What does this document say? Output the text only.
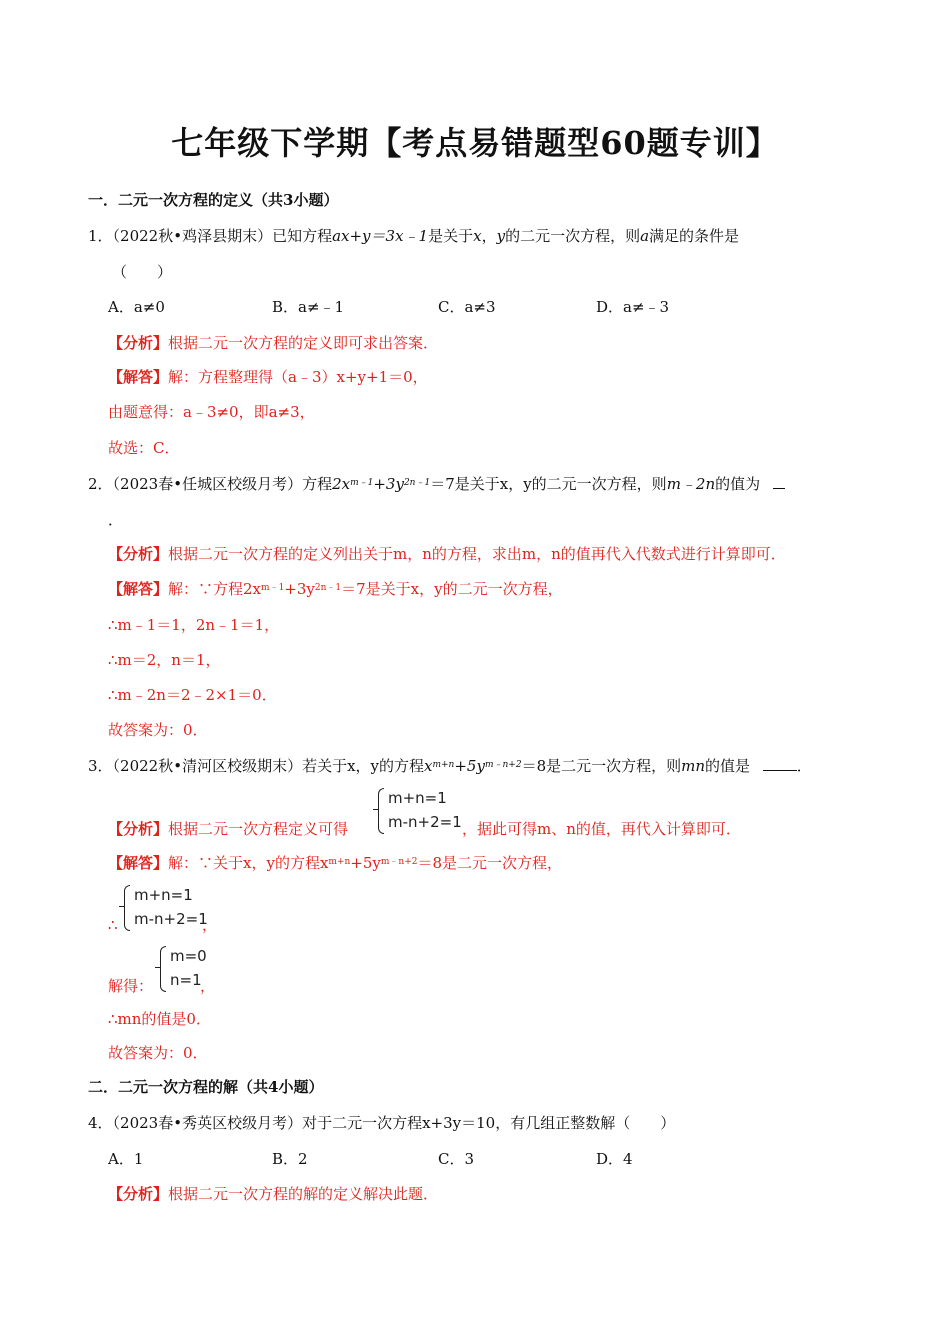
七年级下学期【考点易错题型60题专训】
一．二元一次方程的定义（共3小题）
1．（2022秋•鸡泽县期末）已知方程ax+y＝3x﹣1是关于x，y的二元一次方程，则a满足的条件是
（　　）
A．a≠0	B．a≠﹣1	C．a≠3	D．a≠﹣3
【分析】根据二元一次方程的定义即可求出答案．
【解答】解：方程整理得（a﹣3）x+y+1＝0，
由题意得：a﹣3≠0，即a≠3，
故选：C．
2．（2023春•任城区校级月考）方程$2x^{m﹣1}+3y^{2n﹣1}=7$是关于x，y的二元一次方程，则m﹣2n的值为
．
【分析】根据二元一次方程的定义列出关于m，n的方程，求出m，n的值再代入代数式进行计算即可．
【解答】解：∵方程$2x^{m﹣1}+3y^{2n﹣1}=7$是关于x，y的二元一次方程，
∴m﹣1＝1，2n﹣1＝1，
∴m＝2，n＝1，
∴m﹣2n＝2﹣2×1＝0．
故答案为：0．
3．（2022秋•清河区校级期末）若关于x，y的方程$x^{m+n}+5y^{m﹣n+2}=8$是二元一次方程，则mn的值是	．
m+n=1
m-n+2=1
【分析】根据二元一次方程定义可得	，据此可得m、n的值，再代入计算即可．
【解答】解：∵关于x，y的方程$x^{m+n}+5y^{m﹣n+2}=8$是二元一次方程，
∴
m+n=1
m-n+2=1
，
解得：
m=0
n=1
，
∴mn的值是0．
故答案为：0．
二．二元一次方程的解（共4小题）
4．（2023春•秀英区校级月考）对于二元一次方程x+3y＝10，有几组正整数解（　　）
A．1	B．2	C．3	D．4
【分析】根据二元一次方程的解的定义解决此题．
